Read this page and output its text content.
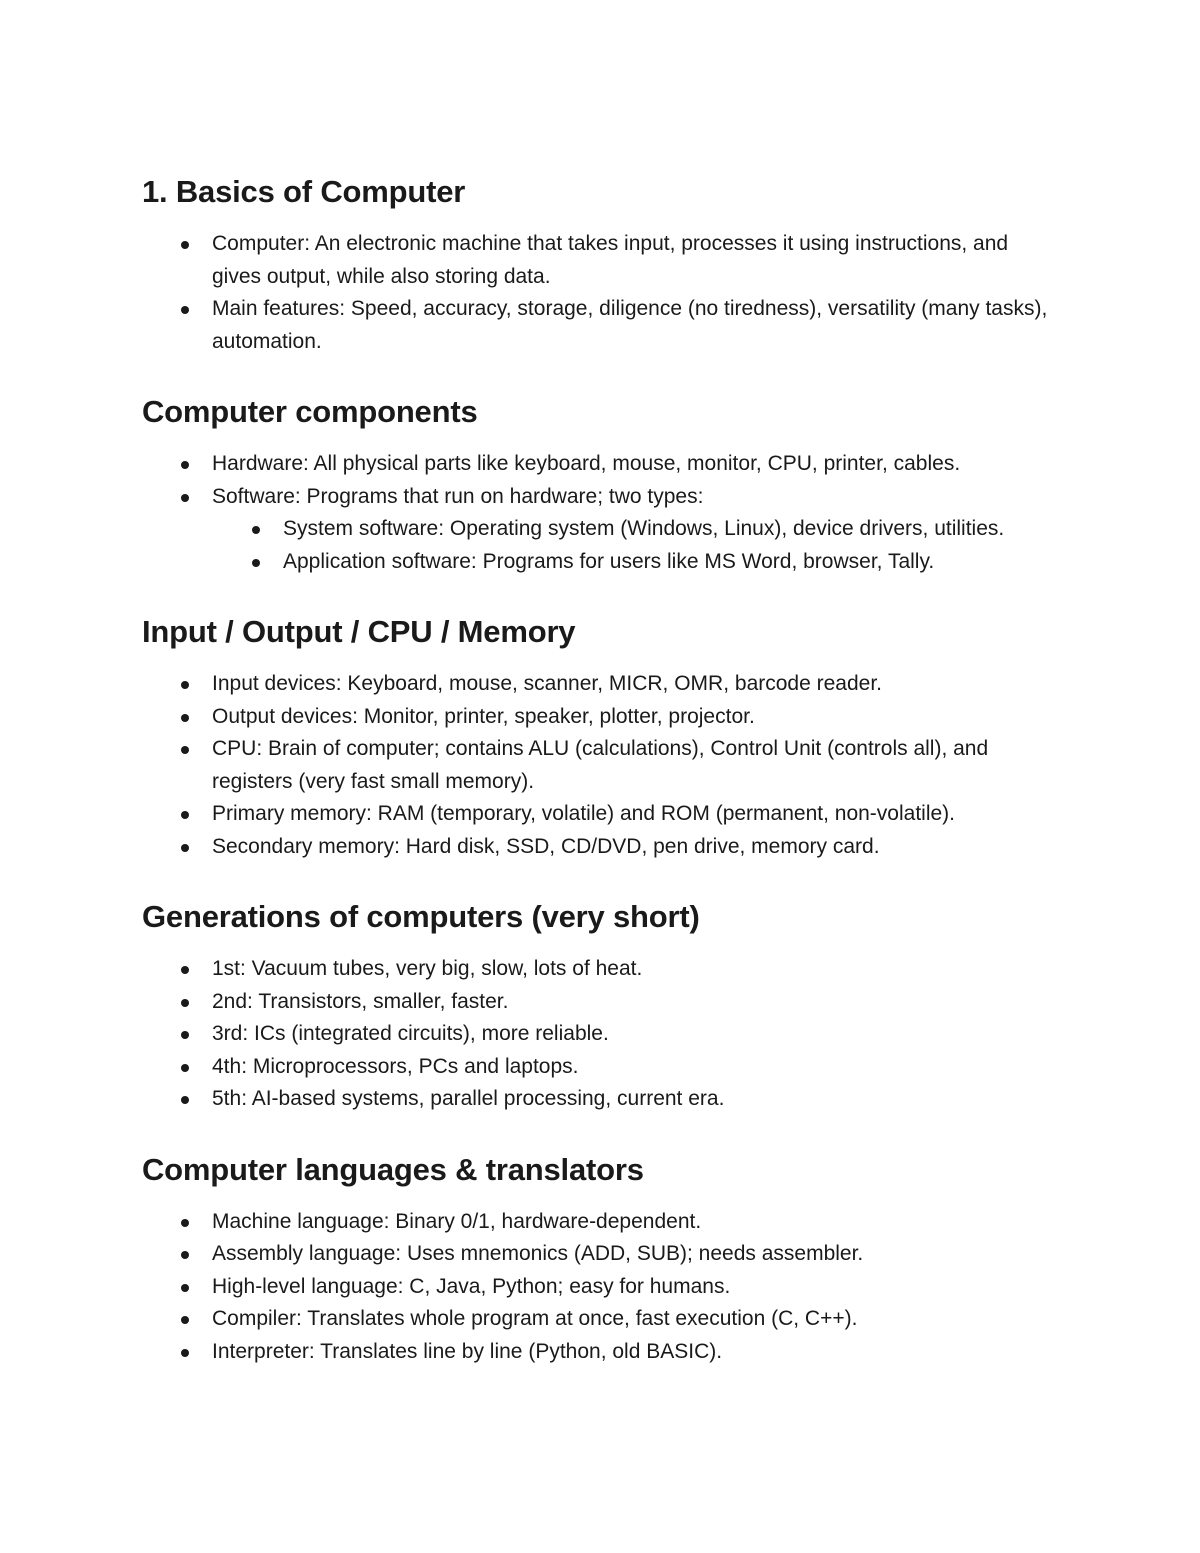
1. Basics of Computer
Computer: An electronic machine that takes input, processes it using instructions, and gives output, while also storing data.
Main features: Speed, accuracy, storage, diligence (no tiredness), versatility (many tasks), automation.
Computer components
Hardware: All physical parts like keyboard, mouse, monitor, CPU, printer, cables.
Software: Programs that run on hardware; two types:
System software: Operating system (Windows, Linux), device drivers, utilities.
Application software: Programs for users like MS Word, browser, Tally.
Input / Output / CPU / Memory
Input devices: Keyboard, mouse, scanner, MICR, OMR, barcode reader.
Output devices: Monitor, printer, speaker, plotter, projector.
CPU: Brain of computer; contains ALU (calculations), Control Unit (controls all), and registers (very fast small memory).
Primary memory: RAM (temporary, volatile) and ROM (permanent, non-volatile).
Secondary memory: Hard disk, SSD, CD/DVD, pen drive, memory card.
Generations of computers (very short)
1st: Vacuum tubes, very big, slow, lots of heat.
2nd: Transistors, smaller, faster.
3rd: ICs (integrated circuits), more reliable.
4th: Microprocessors, PCs and laptops.
5th: AI-based systems, parallel processing, current era.
Computer languages & translators
Machine language: Binary 0/1, hardware-dependent.
Assembly language: Uses mnemonics (ADD, SUB); needs assembler.
High-level language: C, Java, Python; easy for humans.
Compiler: Translates whole program at once, fast execution (C, C++).
Interpreter: Translates line by line (Python, old BASIC).
